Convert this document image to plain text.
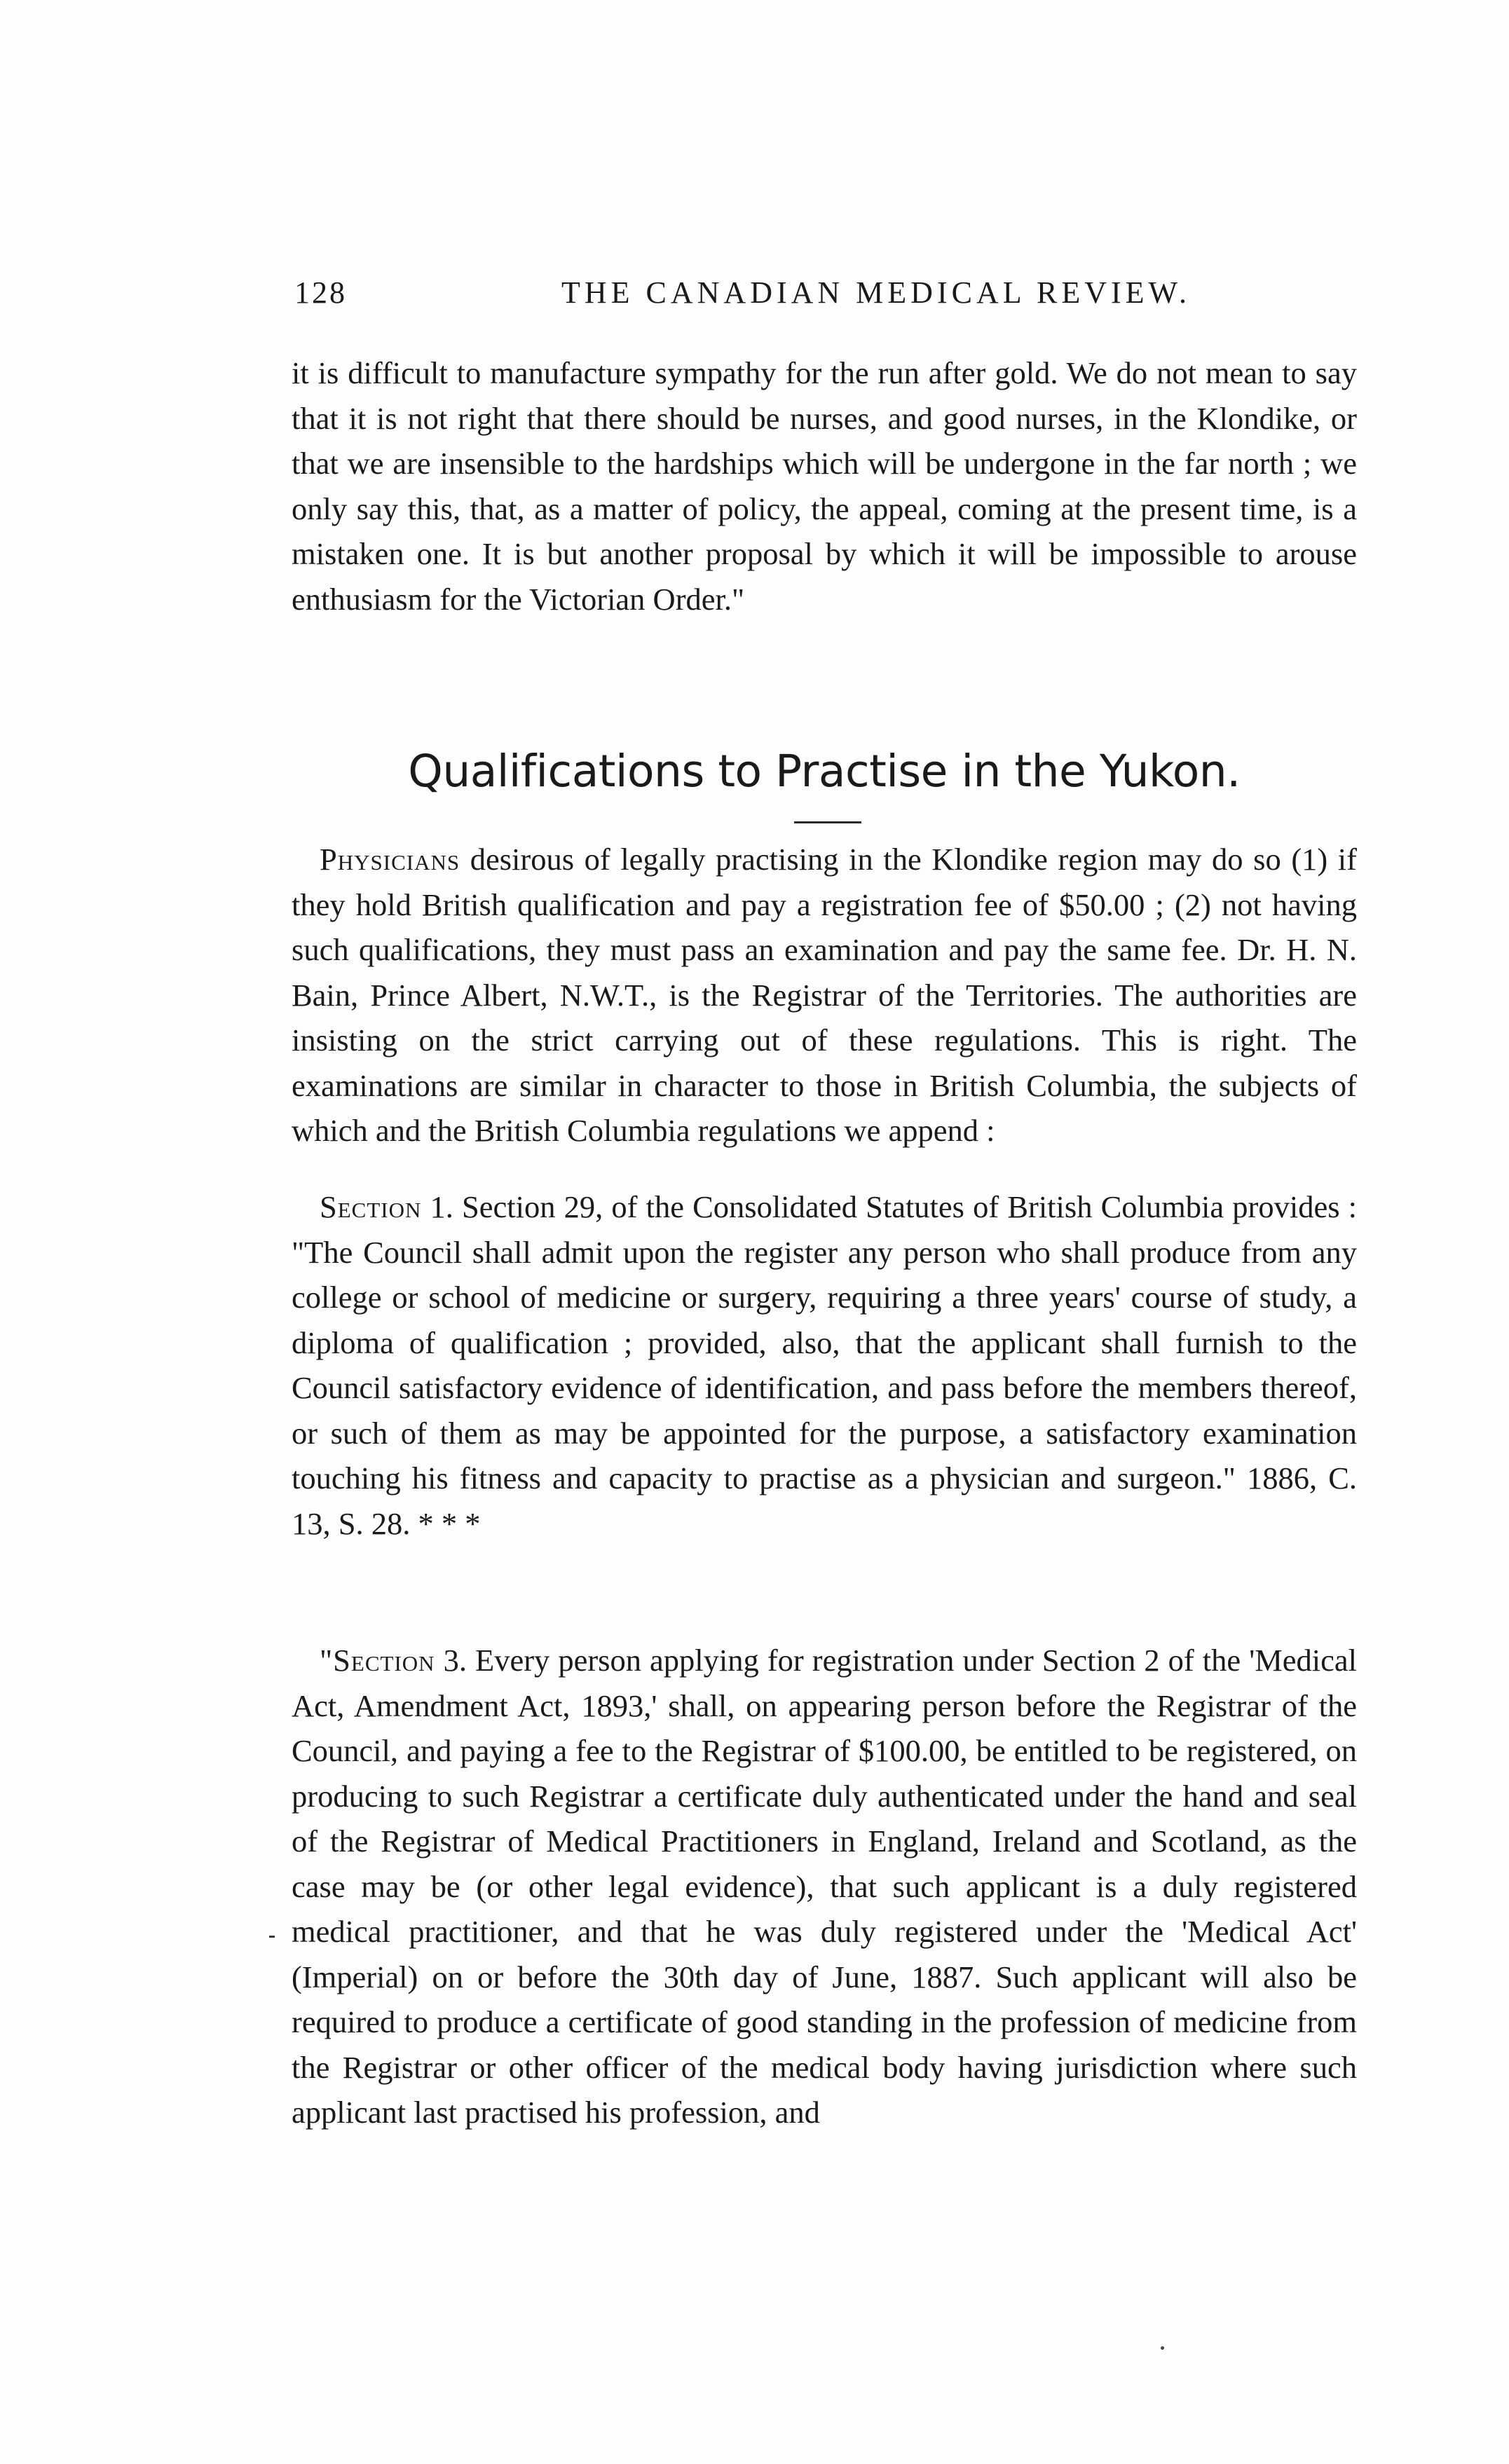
128	THE CANADIAN MEDICAL REVIEW.

it is difficult to manufacture sympathy for the run after gold. We do not mean to say that it is not right that there should be nurses, and good nurses, in the Klondike, or that we are insensible to the hardships which will be undergone in the far north ; we only say this, that, as a matter of policy, the appeal, coming at the present time, is a mistaken one. It is but another proposal by which it will be impossible to arouse enthusiasm for the Victorian Order."

Qualifications to Practise in the Yukon.

Physicians desirous of legally practising in the Klondike region may do so (1) if they hold British qualification and pay a registration fee of $50.00 ; (2) not having such qualifications, they must pass an examination and pay the same fee. Dr. H. N. Bain, Prince Albert, N.W.T., is the Registrar of the Territories. The authorities are insisting on the strict carrying out of these regulations. This is right. The examinations are similar in character to those in British Columbia, the subjects of which and the British Columbia regulations we append :

Section 1. Section 29, of the Consolidated Statutes of British Columbia provides : "The Council shall admit upon the register any person who shall produce from any college or school of medicine or surgery, requiring a three years' course of study, a diploma of qualification ; provided, also, that the applicant shall furnish to the Council satisfactory evidence of identification, and pass before the members thereof, or such of them as may be appointed for the purpose, a satisfactory examination touching his fitness and capacity to practise as a physician and surgeon." 1886, C. 13, S. 28. * * *

"Section 3. Every person applying for registration under Section 2 of the 'Medical Act, Amendment Act, 1893,' shall, on appearing person before the Registrar of the Council, and paying a fee to the Registrar of $100.00, be entitled to be registered, on producing to such Registrar a certificate duly authenticated under the hand and seal of the Registrar of Medical Practitioners in England, Ireland and Scotland, as the case may be (or other legal evidence), that such applicant is a duly registered medical practitioner, and that he was duly registered under the 'Medical Act' (Imperial) on or before the 30th day of June, 1887. Such applicant will also be required to produce a certificate of good standing in the profession of medicine from the Registrar or other officer of the medical body having jurisdiction where such applicant last practised his profession, and
